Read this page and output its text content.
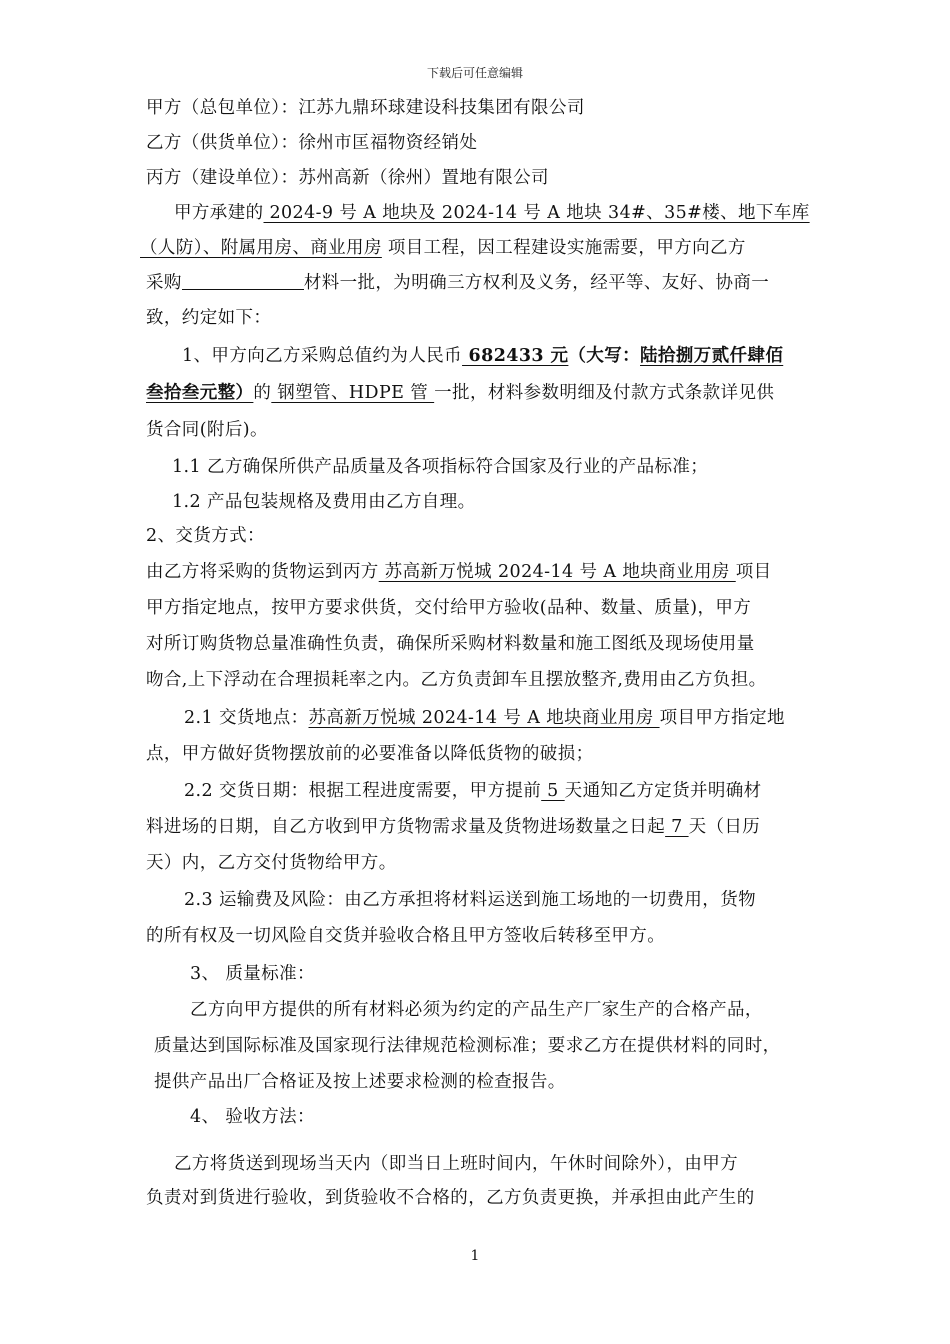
下载后可任意编辑
甲方（总包单位）：江苏九鼎环球建设科技集团有限公司
乙方（供货单位）：徐州市匡福物资经销处
丙方（建设单位）：苏州高新（徐州）置地有限公司
甲方承建的 2024-9 号 A 地块及 2024-14 号 A 地块 34#、35#楼、地下车库
（人防）、附属用房、商业用房 项目工程，因工程建设实施需要，甲方向乙方
采购	材料一批，为明确三方权利及义务，经平等、友好、协商一
致，约定如下：
1、甲方向乙方采购总值约为人民币 682433 元（大写：陆拾捌万贰仟肆佰
叁拾叁元整）的 钢塑管、HDPE 管 一批，材料参数明细及付款方式条款详见供
货合同(附后)。
1.1 乙方确保所供产品质量及各项指标符合国家及行业的产品标准；
1.2 产品包装规格及费用由乙方自理。
2、交货方式：
由乙方将采购的货物运到丙方 苏高新万悦城 2024-14 号 A 地块商业用房 项目
甲方指定地点，按甲方要求供货，交付给甲方验收(品种、数量、质量)，甲方
对所订购货物总量准确性负责，确保所采购材料数量和施工图纸及现场使用量
吻合,上下浮动在合理损耗率之内。乙方负责卸车且摆放整齐,费用由乙方负担。
2.1 交货地点：苏高新万悦城 2024-14 号 A 地块商业用房 项目甲方指定地
点，甲方做好货物摆放前的必要准备以降低货物的破损；
2.2 交货日期：根据工程进度需要，甲方提前 5 天通知乙方定货并明确材
料进场的日期，自乙方收到甲方货物需求量及货物进场数量之日起 7 天（日历
天）内，乙方交付货物给甲方。
2.3 运输费及风险：由乙方承担将材料运送到施工场地的一切费用，货物
的所有权及一切风险自交货并验收合格且甲方签收后转移至甲方。
3、 质量标准：
乙方向甲方提供的所有材料必须为约定的产品生产厂家生产的合格产品，
质量达到国际标准及国家现行法律规范检测标准；要求乙方在提供材料的同时，
提供产品出厂合格证及按上述要求检测的检查报告。
4、 验收方法：
乙方将货送到现场当天内（即当日上班时间内，午休时间除外），由甲方
负责对到货进行验收，到货验收不合格的，乙方负责更换，并承担由此产生的
1
